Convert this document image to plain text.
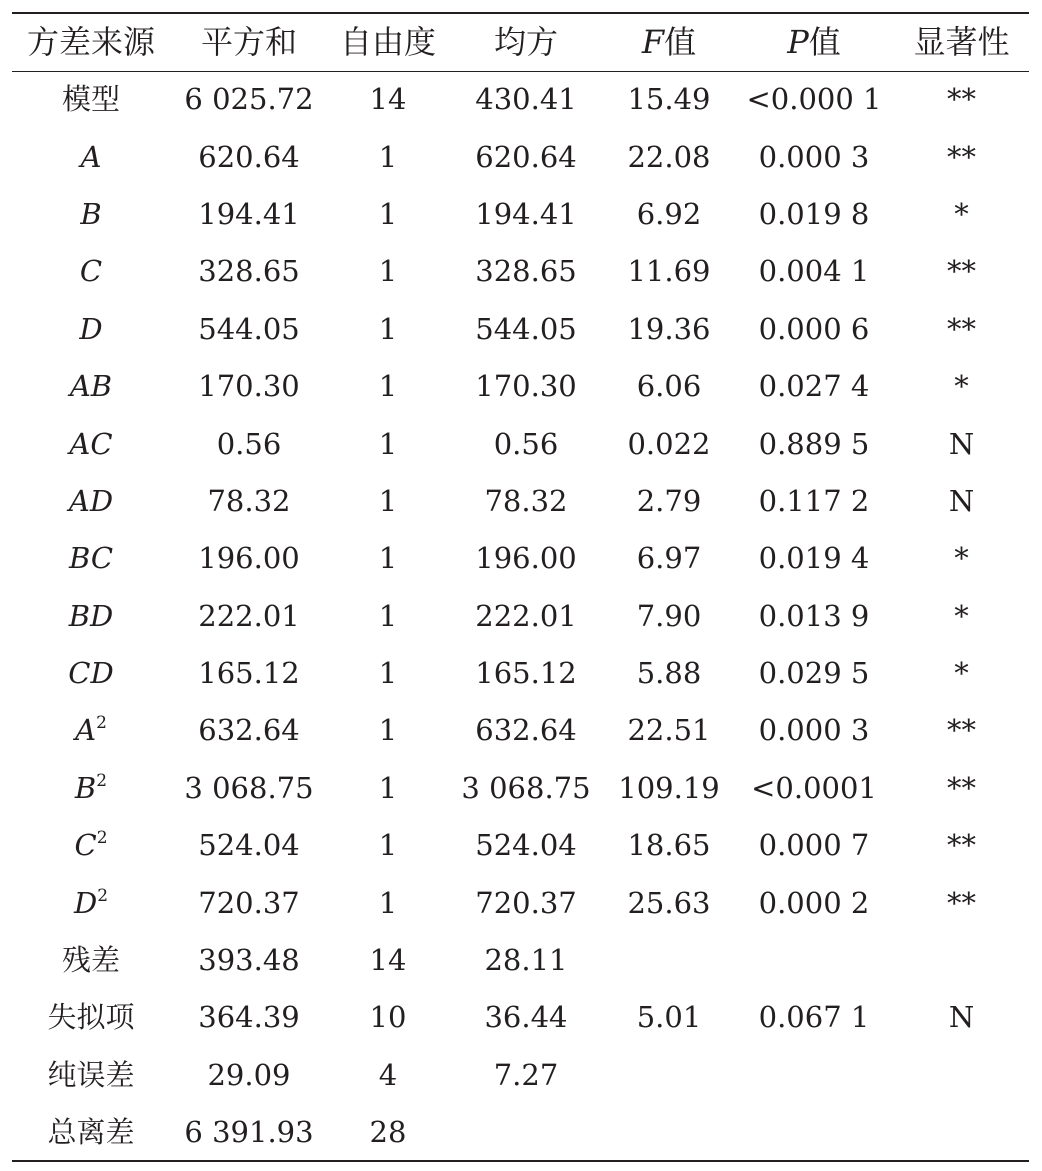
方差来源	平方和	自由度	均方	F值	P值	显著性
模型	6 025.72	14	430.41	15.49	<0.000 1	**
A	620.64	1	620.64	22.08	0.000 3	**
B	194.41	1	194.41	6.92	0.019 8	*
C	328.65	1	328.65	11.69	0.004 1	**
D	544.05	1	544.05	19.36	0.000 6	**
AB	170.30	1	170.30	6.06	0.027 4	*
AC	0.56	1	0.56	0.022	0.889 5	N
AD	78.32	1	78.32	2.79	0.117 2	N
BC	196.00	1	196.00	6.97	0.019 4	*
BD	222.01	1	222.01	7.90	0.013 9	*
CD	165.12	1	165.12	5.88	0.029 5	*
$A^2$	632.64	1	632.64	22.51	0.000 3	**
$B^2$	3 068.75	1	3 068.75	109.19	<0.0001	**
$C^2$	524.04	1	524.04	18.65	0.000 7	**
$D^2$	720.37	1	720.37	25.63	0.000 2	**
残差	393.48	14	28.11			
失拟项	364.39	10	36.44	5.01	0.067 1	N
纯误差	29.09	4	7.27			
总离差	6 391.93	28				
